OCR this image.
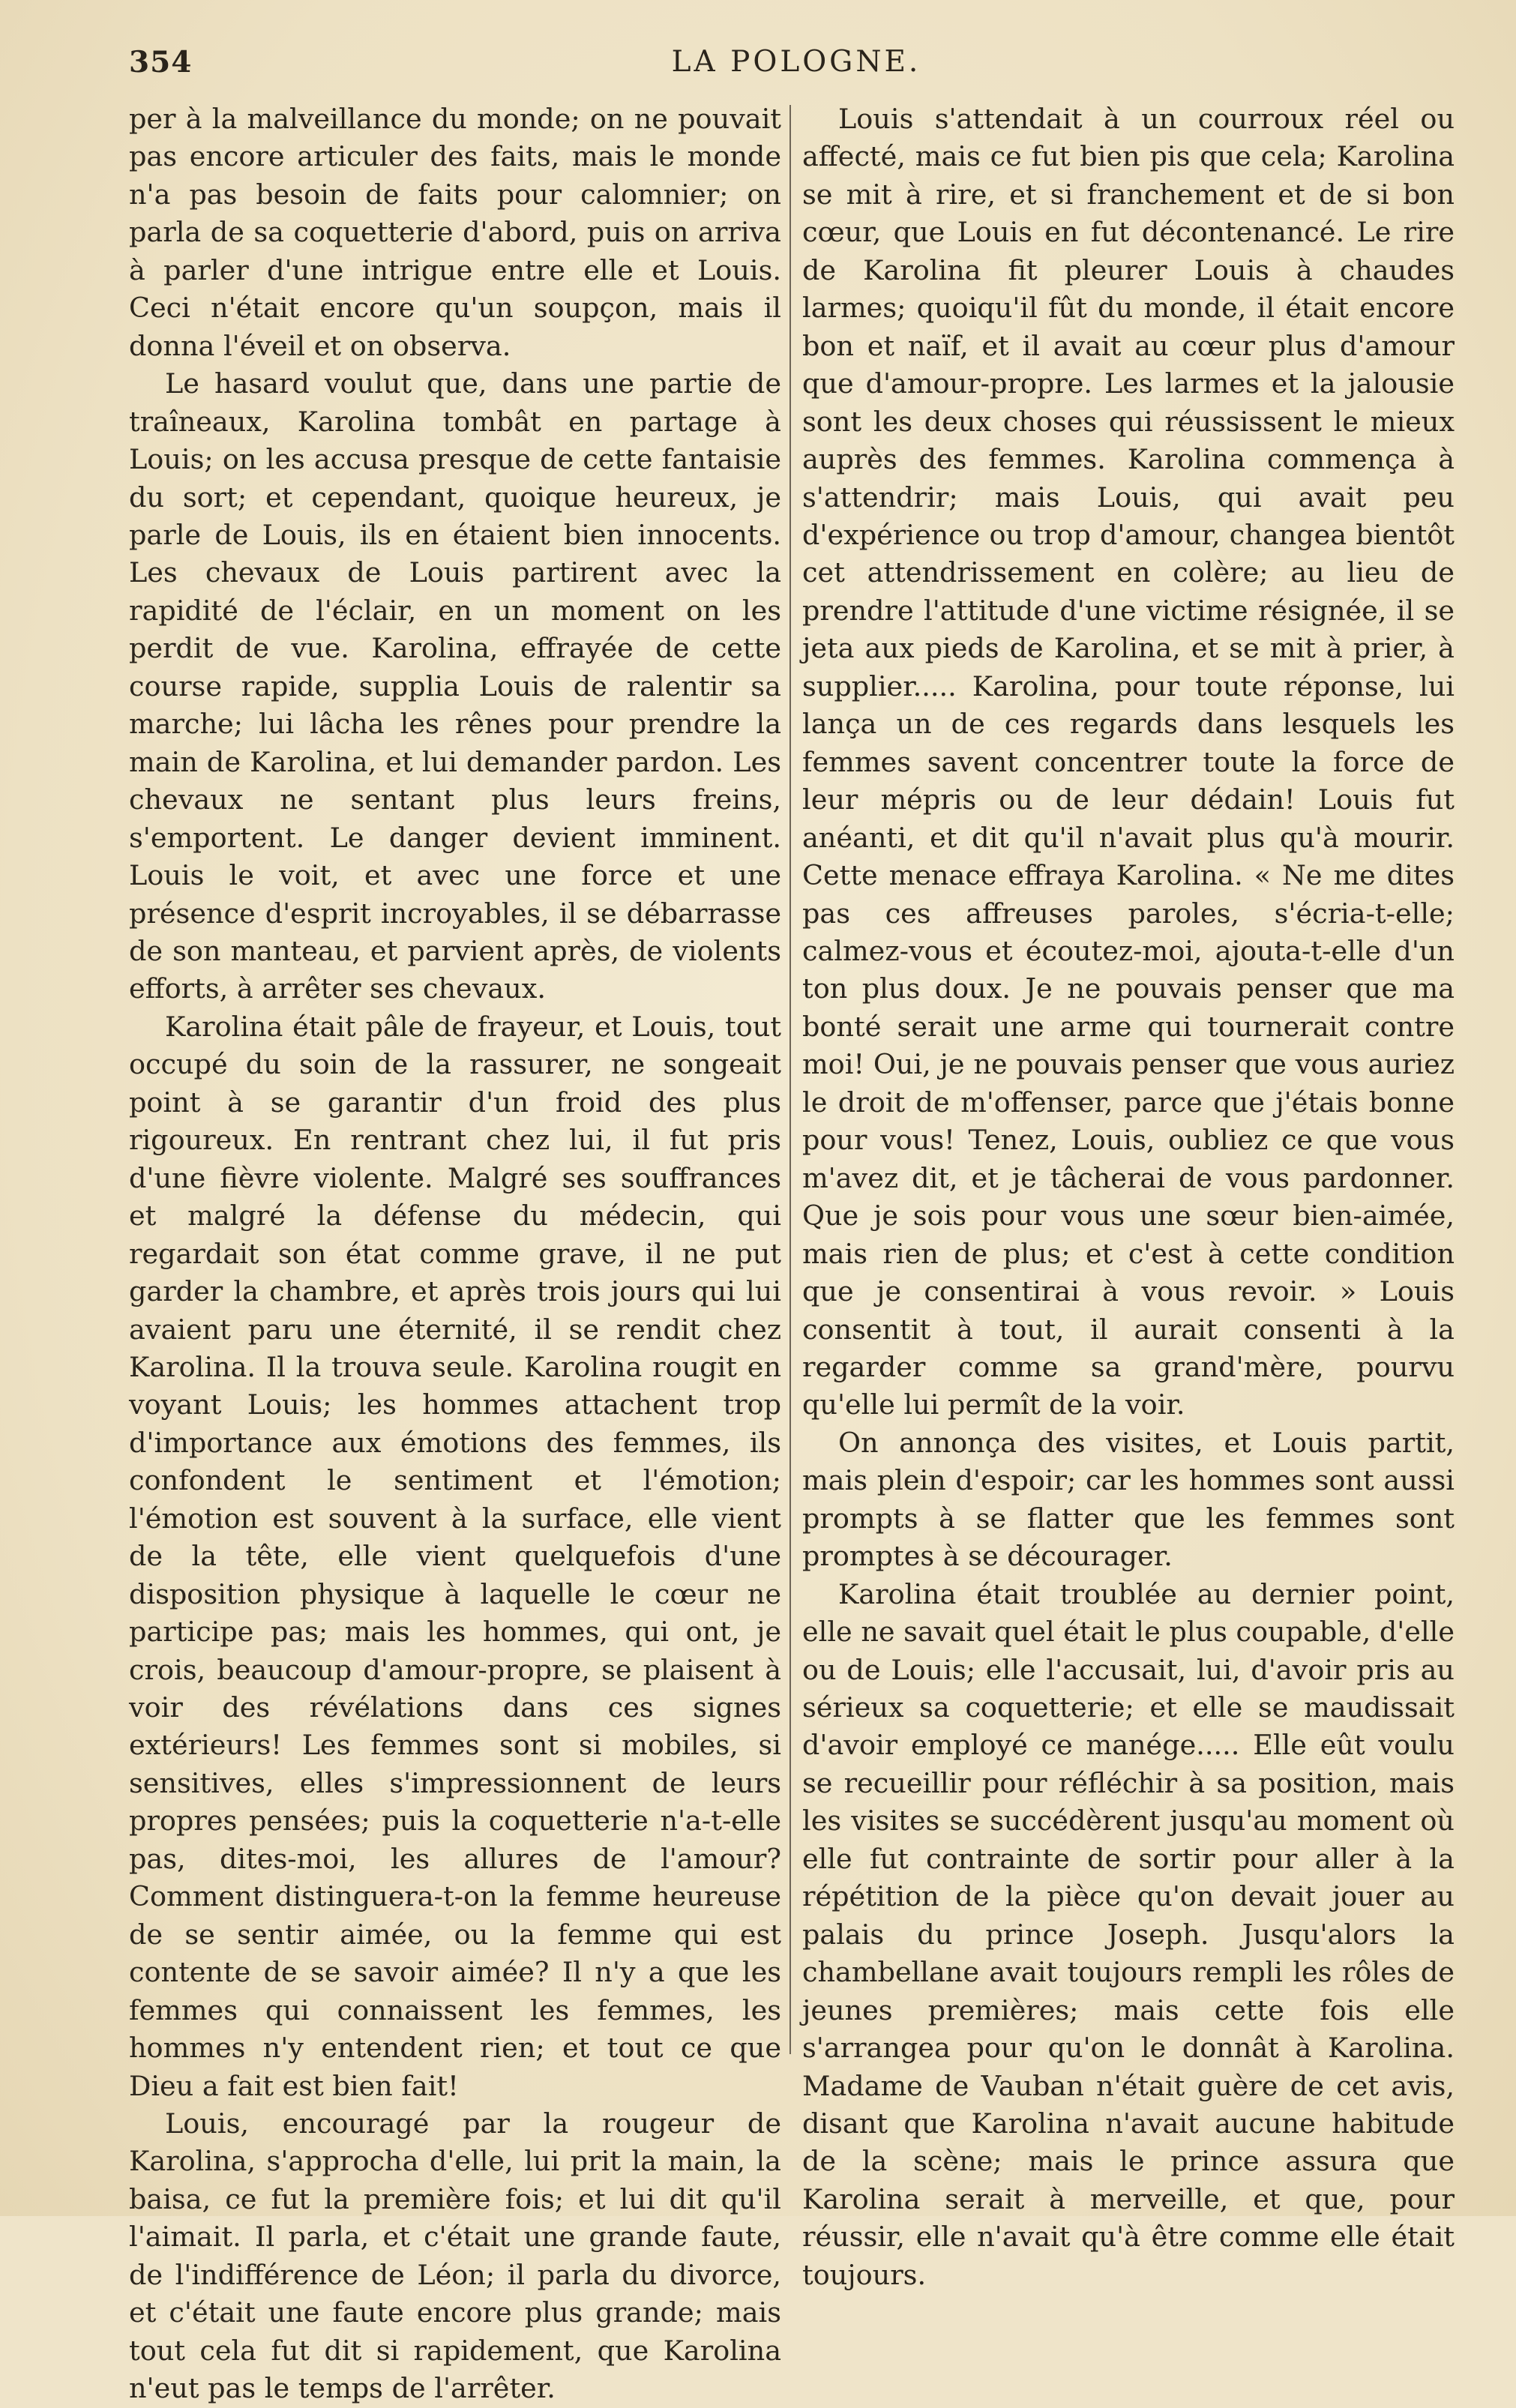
354	LA POLOGNE.

per à la malveillance du monde; on ne pouvait pas encore articuler des faits, mais le monde n'a pas besoin de faits pour calomnier; on parla de sa coquetterie d'abord, puis on arriva à parler d'une intrigue entre elle et Louis. Ceci n'était encore qu'un soupçon, mais il donna l'éveil et on observa.

Le hasard voulut que, dans une partie de traîneaux, Karolina tombât en partage à Louis; on les accusa presque de cette fantaisie du sort; et cependant, quoique heureux, je parle de Louis, ils en étaient bien innocents. Les chevaux de Louis partirent avec la rapidité de l'éclair, en un moment on les perdit de vue. Karolina, effrayée de cette course rapide, supplia Louis de ralentir sa marche; lui lâcha les rênes pour prendre la main de Karolina, et lui demander pardon. Les chevaux ne sentant plus leurs freins, s'emportent. Le danger devient imminent. Louis le voit, et avec une force et une présence d'esprit incroyables, il se débarrasse de son manteau, et parvient après, de violents efforts, à arrêter ses chevaux.

Karolina était pâle de frayeur, et Louis, tout occupé du soin de la rassurer, ne songeait point à se garantir d'un froid des plus rigoureux. En rentrant chez lui, il fut pris d'une fièvre violente. Malgré ses souffrances et malgré la défense du médecin, qui regardait son état comme grave, il ne put garder la chambre, et après trois jours qui lui avaient paru une éternité, il se rendit chez Karolina. Il la trouva seule. Karolina rougit en voyant Louis; les hommes attachent trop d'importance aux émotions des femmes, ils confondent le sentiment et l'émotion; l'émotion est souvent à la surface, elle vient de la tête, elle vient quelquefois d'une disposition physique à laquelle le cœur ne participe pas; mais les hommes, qui ont, je crois, beaucoup d'amour-propre, se plaisent à voir des révélations dans ces signes extérieurs! Les femmes sont si mobiles, si sensitives, elles s'impressionnent de leurs propres pensées; puis la coquetterie n'a-t-elle pas, dites-moi, les allures de l'amour? Comment distinguera-t-on la femme heureuse de se sentir aimée, ou la femme qui est contente de se savoir aimée? Il n'y a que les femmes qui connaissent les femmes, les hommes n'y entendent rien; et tout ce que Dieu a fait est bien fait!

Louis, encouragé par la rougeur de Karolina, s'approcha d'elle, lui prit la main, la baisa, ce fut la première fois; et lui dit qu'il l'aimait. Il parla, et c'était une grande faute, de l'indifférence de Léon; il parla du divorce, et c'était une faute encore plus grande; mais tout cela fut dit si rapidement, que Karolina n'eut pas le temps de l'arrêter.

Louis s'attendait à un courroux réel ou affecté, mais ce fut bien pis que cela; Karolina se mit à rire, et si franchement et de si bon cœur, que Louis en fut décontenancé. Le rire de Karolina fit pleurer Louis à chaudes larmes; quoiqu'il fût du monde, il était encore bon et naïf, et il avait au cœur plus d'amour que d'amour-propre. Les larmes et la jalousie sont les deux choses qui réussissent le mieux auprès des femmes. Karolina commença à s'attendrir; mais Louis, qui avait peu d'expérience ou trop d'amour, changea bientôt cet attendrissement en colère; au lieu de prendre l'attitude d'une victime résignée, il se jeta aux pieds de Karolina, et se mit à prier, à supplier..... Karolina, pour toute réponse, lui lança un de ces regards dans lesquels les femmes savent concentrer toute la force de leur mépris ou de leur dédain! Louis fut anéanti, et dit qu'il n'avait plus qu'à mourir. Cette menace effraya Karolina. « Ne me dites pas ces affreuses paroles, s'écria-t-elle; calmez-vous et écoutez-moi, ajouta-t-elle d'un ton plus doux. Je ne pouvais penser que ma bonté serait une arme qui tournerait contre moi! Oui, je ne pouvais penser que vous auriez le droit de m'offenser, parce que j'étais bonne pour vous! Tenez, Louis, oubliez ce que vous m'avez dit, et je tâcherai de vous pardonner. Que je sois pour vous une sœur bien-aimée, mais rien de plus; et c'est à cette condition que je consentirai à vous revoir. » Louis consentit à tout, il aurait consenti à la regarder comme sa grand'mère, pourvu qu'elle lui permît de la voir.

On annonça des visites, et Louis partit, mais plein d'espoir; car les hommes sont aussi prompts à se flatter que les femmes sont promptes à se décourager.

Karolina était troublée au dernier point, elle ne savait quel était le plus coupable, d'elle ou de Louis; elle l'accusait, lui, d'avoir pris au sérieux sa coquetterie; et elle se maudissait d'avoir employé ce manége..... Elle eût voulu se recueillir pour réfléchir à sa position, mais les visites se succédèrent jusqu'au moment où elle fut contrainte de sortir pour aller à la répétition de la pièce qu'on devait jouer au palais du prince Joseph. Jusqu'alors la chambellane avait toujours rempli les rôles de jeunes premières; mais cette fois elle s'arrangea pour qu'on le donnât à Karolina. Madame de Vauban n'était guère de cet avis, disant que Karolina n'avait aucune habitude de la scène; mais le prince assura que Karolina serait à merveille, et que, pour réussir, elle n'avait qu'à être comme elle était toujours.
